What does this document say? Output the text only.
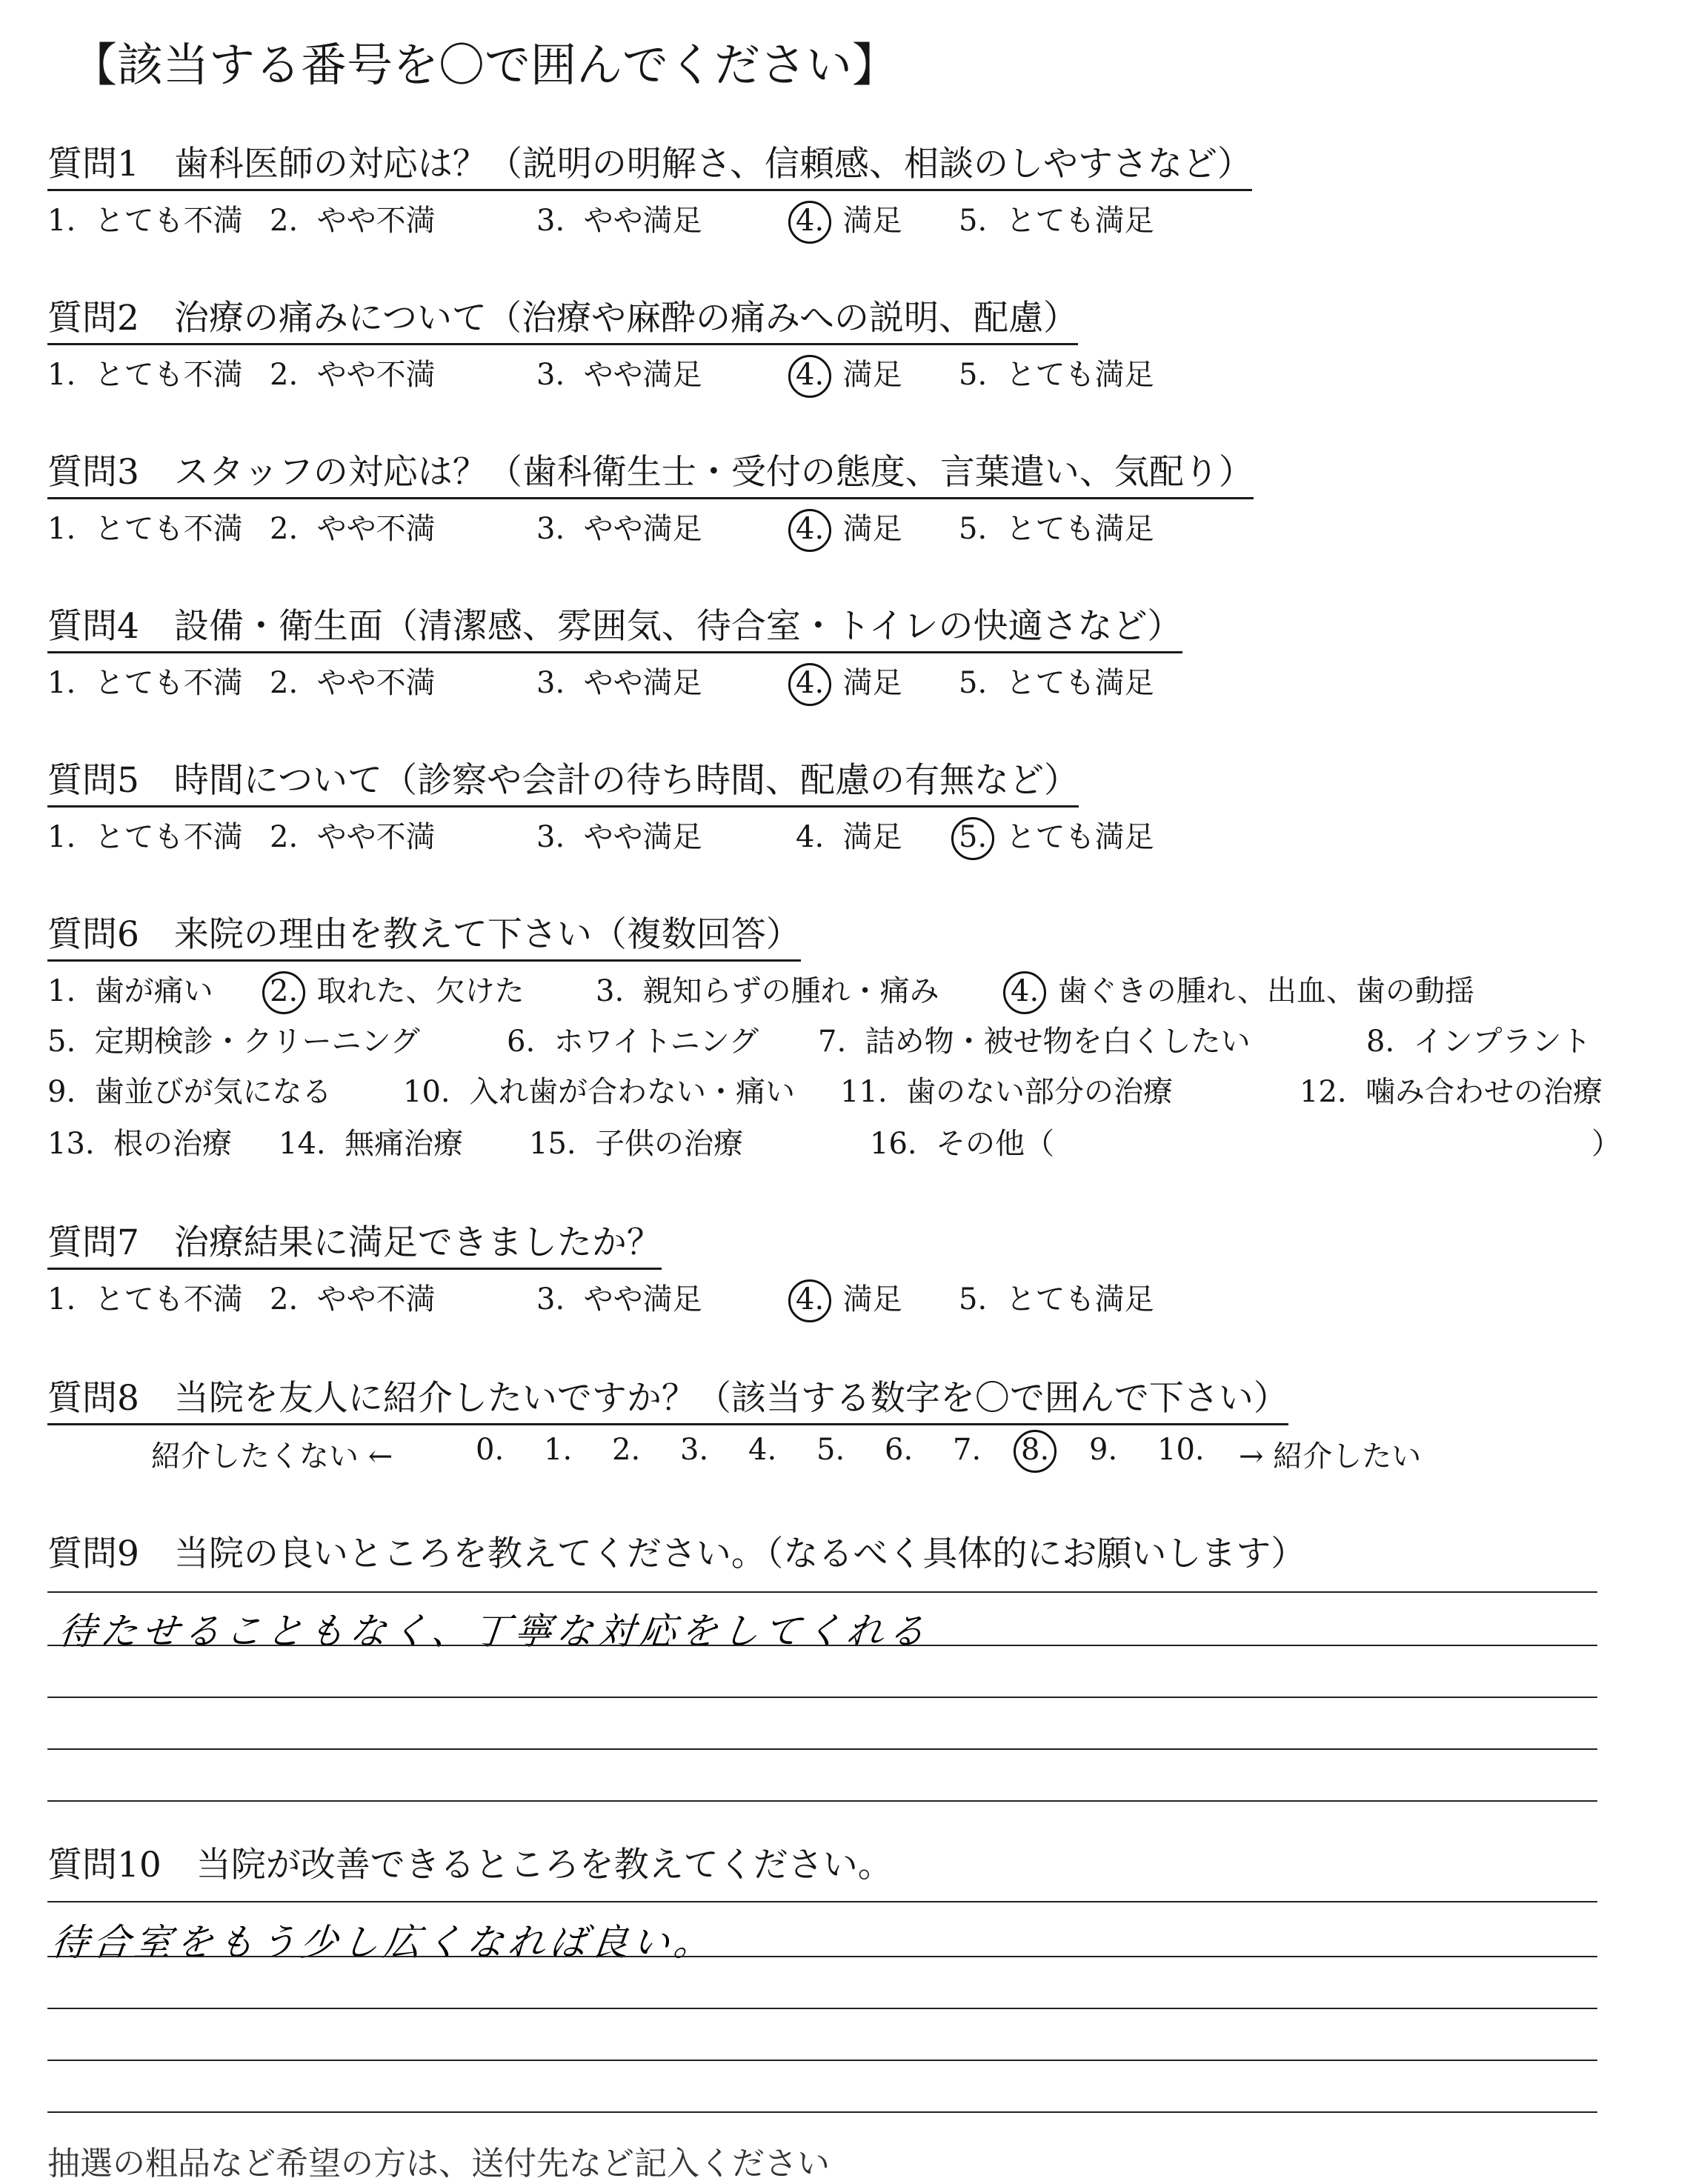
【該当する番号を〇で囲んでください】
質問1　歯科医師の対応は？（説明の明解さ、信頼感、相談のしやすさなど）
1. とても不満 2. やや不満	3. やや満足	4. 満足 5. とても満足
質問2　治療の痛みについて（治療や麻酔の痛みへの説明、配慮）
1. とても不満 2. やや不満	3. やや満足	4. 満足 5. とても満足
質問3　スタッフの対応は？（歯科衛生士・受付の態度、言葉遣い、気配り）
1. とても不満 2. やや不満	3. やや満足	4. 満足 5. とても満足
質問4　設備・衛生面（清潔感、雰囲気、待合室・トイレの快適さなど）
1. とても不満 2. やや不満	3. やや満足	4. 満足 5. とても満足
質問5　時間について（診察や会計の待ち時間、配慮の有無など）
1. とても不満 2. やや不満	3. やや満足	4. 満足 5. とても満足
質問6　来院の理由を教えて下さい（複数回答）
1. 歯が痛い 2. 取れた、欠けた 3. 親知らずの腫れ・痛み 4. 歯ぐきの腫れ、出血、歯の動揺
5. 定期検診・クリーニング	6. ホワイトニング 7. 詰め物・被せ物を白くしたい	8. インプラント
9. 歯並びが気になる 10. 入れ歯が合わない・痛い 11. 歯のない部分の治療	12. 噛み合わせの治療
13. 根の治療 14. 無痛治療 15. 子供の治療	16. その他（	）
質問7　治療結果に満足できましたか？
1. とても不満 2. やや不満	3. やや満足	4. 満足 5. とても満足
質問8　当院を友人に紹介したいですか？（該当する数字を〇で囲んで下さい）
紹介したくない ←	0. 1. 2. 3. 4. 5. 6. 7. 8. 9. 10. → 紹介したい
質問9　当院の良いところを教えてください。（なるべく具体的にお願いします）
待たせることもなく、丁寧な対応をしてくれる
質問10　当院が改善できるところを教えてください。
待合室をもう少し広くなれば良い。
抽選の粗品など希望の方は、送付先など記入ください
